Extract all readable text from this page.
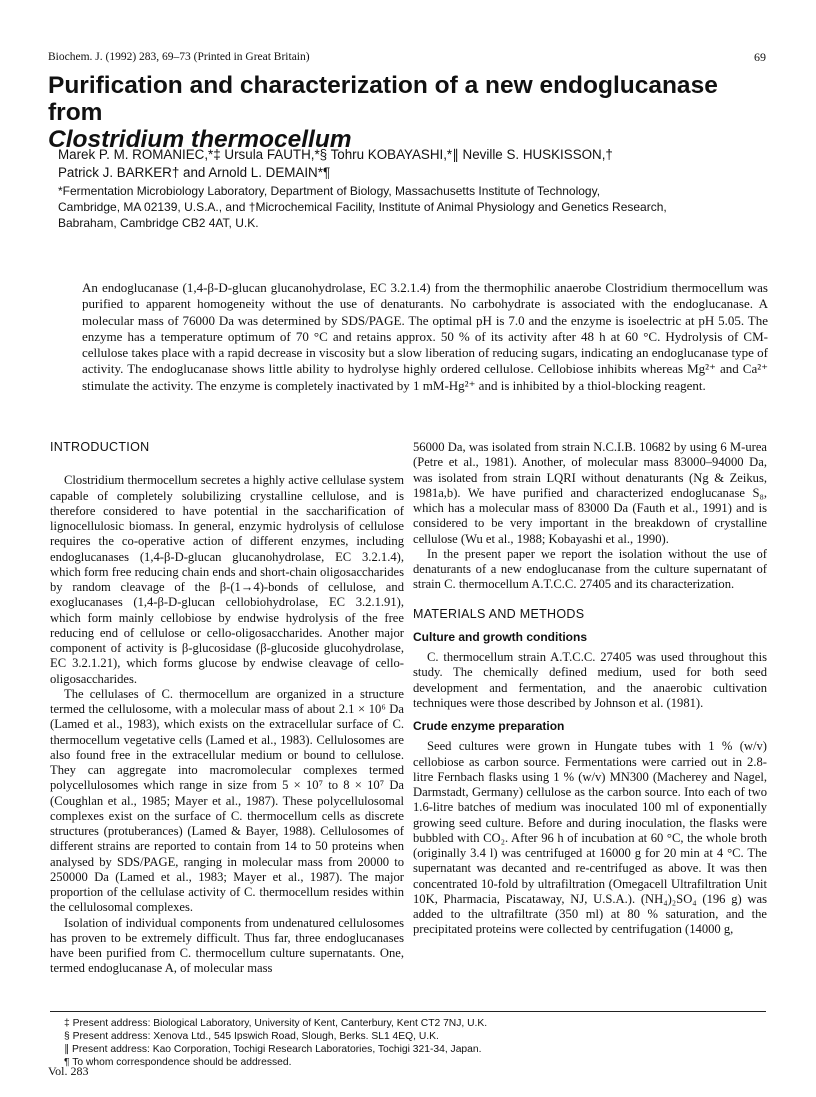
Biochem. J. (1992) 283, 69–73 (Printed in Great Britain)	69
Purification and characterization of a new endoglucanase from
Clostridium thermocellum
Marek P. M. ROMANIEC,*‡ Ursula FAUTH,*§ Tohru KOBAYASHI,*∥ Neville S. HUSKISSON,†
Patrick J. BARKER† and Arnold L. DEMAIN*¶
*Fermentation Microbiology Laboratory, Department of Biology, Massachusetts Institute of Technology,
Cambridge, MA 02139, U.S.A., and †Microchemical Facility, Institute of Animal Physiology and Genetics Research,
Babraham, Cambridge CB2 4AT, U.K.

An endoglucanase (1,4-β-D-glucan glucanohydrolase, EC 3.2.1.4) from the thermophilic anaerobe Clostridium thermocellum was purified to apparent homogeneity without the use of denaturants. No carbohydrate is associated with the endoglucanase. A molecular mass of 76000 Da was determined by SDS/PAGE. The optimal pH is 7.0 and the enzyme is isoelectric at pH 5.05. The enzyme has a temperature optimum of 70 °C and retains approx. 50 % of its activity after 48 h at 60 °C. Hydrolysis of CM-cellulose takes place with a rapid decrease in viscosity but a slow liberation of reducing sugars, indicating an endoglucanase type of activity. The endoglucanase shows little ability to hydrolyse highly ordered cellulose. Cellobiose inhibits whereas Mg²⁺ and Ca²⁺ stimulate the activity. The enzyme is completely inactivated by 1 mM-Hg²⁺ and is inhibited by a thiol-blocking reagent.

INTRODUCTION

Clostridium thermocellum secretes a highly active cellulase system capable of completely solubilizing crystalline cellulose, and is therefore considered to have potential in the saccharification of lignocellulosic biomass. In general, enzymic hydrolysis of cellulose requires the co-operative action of different enzymes, including endoglucanases (1,4-β-D-glucan glucanohydrolase, EC 3.2.1.4), which form free reducing chain ends and short-chain oligosaccharides by random cleavage of the β-(1→4)-bonds of cellulose, and exoglucanases (1,4-β-D-glucan cellobiohydrolase, EC 3.2.1.91), which form mainly cellobiose by endwise hydrolysis of the free reducing end of cellulose or cello-oligosaccharides. Another major component of activity is β-glucosidase (β-glucoside glucohydrolase, EC 3.2.1.21), which forms glucose by endwise cleavage of cello-oligosaccharides.

The cellulases of C. thermocellum are organized in a structure termed the cellulosome, with a molecular mass of about 2.1 × 10⁶ Da (Lamed et al., 1983), which exists on the extracellular surface of C. thermocellum vegetative cells (Lamed et al., 1983). Cellulosomes are also found free in the extracellular medium or bound to cellulose. They can aggregate into macromolecular complexes termed polycellulosomes which range in size from 5 × 10⁷ to 8 × 10⁷ Da (Coughlan et al., 1985; Mayer et al., 1987). These polycellulosomal complexes exist on the surface of C. thermocellum cells as discrete structures (protuberances) (Lamed & Bayer, 1988). Cellulosomes of different strains are reported to contain from 14 to 50 proteins when analysed by SDS/PAGE, ranging in molecular mass from 20000 to 250000 Da (Lamed et al., 1983; Mayer et al., 1987). The major proportion of the cellulase activity of C. thermocellum resides within the cellulosomal complexes.

Isolation of individual components from undenatured cellulosomes has proven to be extremely difficult. Thus far, three endoglucanases have been purified from C. thermocellum culture supernatants. One, termed endoglucanase A, of molecular mass

56000 Da, was isolated from strain N.C.I.B. 10682 by using 6 M-urea (Petre et al., 1981). Another, of molecular mass 83000–94000 Da, was isolated from strain LQRI without denaturants (Ng & Zeikus, 1981a,b). We have purified and characterized endoglucanase S₈, which has a molecular mass of 83000 Da (Fauth et al., 1991) and is considered to be very important in the breakdown of crystalline cellulose (Wu et al., 1988; Kobayashi et al., 1990).

In the present paper we report the isolation without the use of denaturants of a new endoglucanase from the culture supernatant of strain C. thermocellum A.T.C.C. 27405 and its characterization.

MATERIALS AND METHODS

Culture and growth conditions

C. thermocellum strain A.T.C.C. 27405 was used throughout this study. The chemically defined medium, used for both seed development and fermentation, and the anaerobic cultivation techniques were those described by Johnson et al. (1981).

Crude enzyme preparation

Seed cultures were grown in Hungate tubes with 1 % (w/v) cellobiose as carbon source. Fermentations were carried out in 2.8-litre Fernbach flasks using 1 % (w/v) MN300 (Macherey and Nagel, Darmstadt, Germany) cellulose as the carbon source. Into each of two 1.6-litre batches of medium was inoculated 100 ml of exponentially growing seed culture. Before and during inoculation, the flasks were bubbled with CO₂. After 96 h of incubation at 60 °C, the whole broth (originally 3.4 l) was centrifuged at 16000 g for 20 min at 4 °C. The supernatant was decanted and re-centrifuged as above. It was then concentrated 10-fold by ultrafiltration (Omegacell Ultrafiltration Unit 10K, Pharmacia, Piscataway, NJ, U.S.A.). (NH₄)₂SO₄ (196 g) was added to the ultrafiltrate (350 ml) at 80 % saturation, and the precipitated proteins were collected by centrifugation (14000 g,

‡ Present address: Biological Laboratory, University of Kent, Canterbury, Kent CT2 7NJ, U.K.
§ Present address: Xenova Ltd., 545 Ipswich Road, Slough, Berks. SL1 4EQ, U.K.
∥ Present address: Kao Corporation, Tochigi Research Laboratories, Tochigi 321-34, Japan.
¶ To whom correspondence should be addressed.
Vol. 283
